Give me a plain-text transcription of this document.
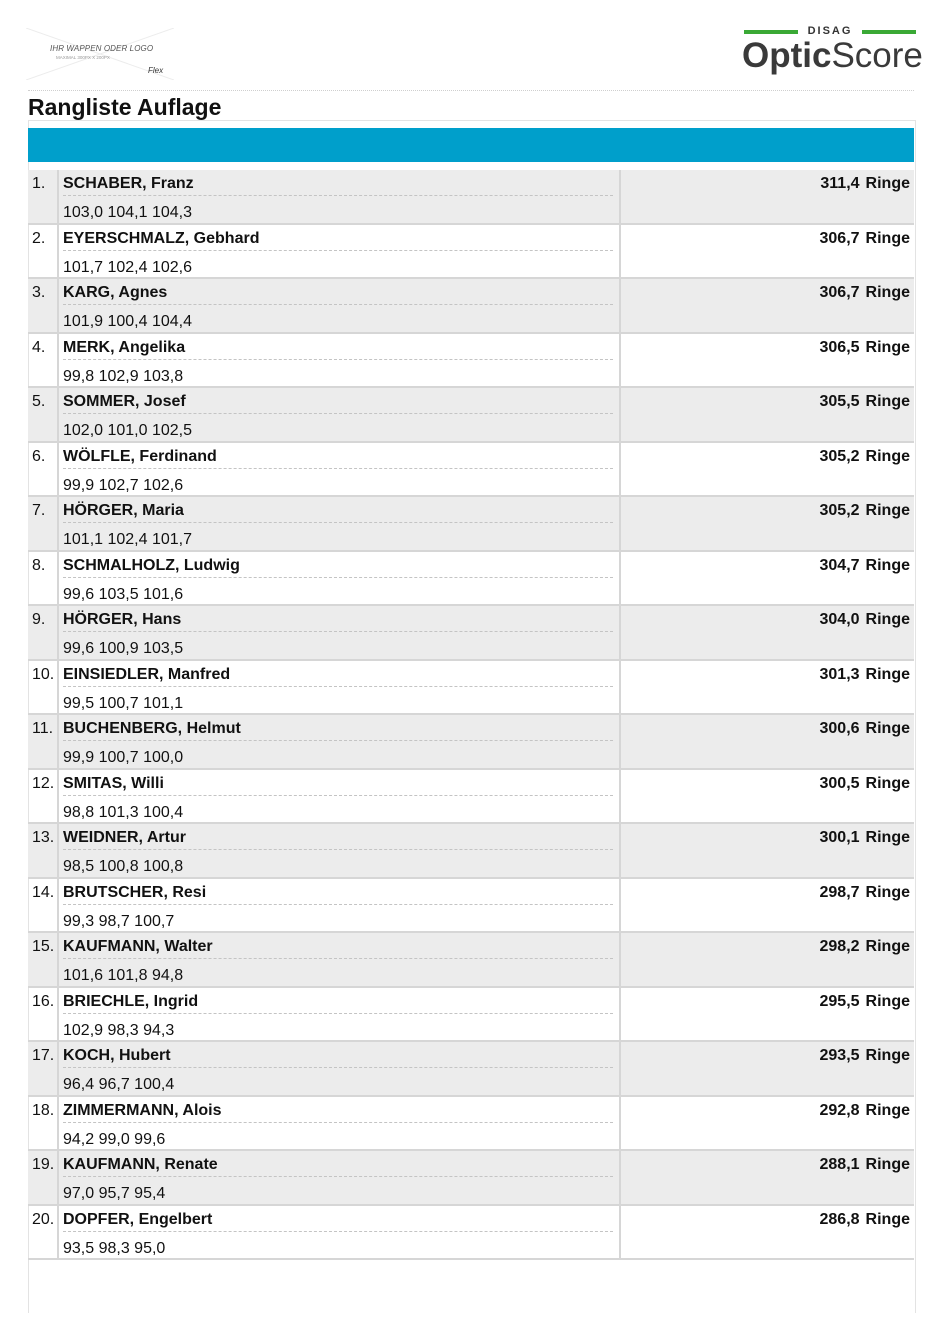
IHR WAPPEN ODER LOGO
MAXIMAL 300PX X 200PX
Flex
DISAG
OpticScore
Rangliste Auflage
1.	SCHABER, Franz
103,0 104,1 104,3
311,4 Ringe
2.	EYERSCHMALZ, Gebhard
101,7 102,4 102,6
306,7 Ringe
3.	KARG, Agnes
101,9 100,4 104,4
306,7 Ringe
4.	MERK, Angelika
99,8 102,9 103,8
306,5 Ringe
5.	SOMMER, Josef
102,0 101,0 102,5
305,5 Ringe
6.	WÖLFLE, Ferdinand
99,9 102,7 102,6
305,2 Ringe
7.	HÖRGER, Maria
101,1 102,4 101,7
305,2 Ringe
8.	SCHMALHOLZ, Ludwig
99,6 103,5 101,6
304,7 Ringe
9.	HÖRGER, Hans
99,6 100,9 103,5
304,0 Ringe
10. EINSIEDLER, Manfred
99,5 100,7 101,1
301,3 Ringe
11. BUCHENBERG, Helmut
99,9 100,7 100,0
300,6 Ringe
12. SMITAS, Willi
98,8 101,3 100,4
300,5 Ringe
13. WEIDNER, Artur
98,5 100,8 100,8
300,1 Ringe
14. BRUTSCHER, Resi
99,3 98,7 100,7
298,7 Ringe
15. KAUFMANN, Walter
101,6 101,8 94,8
298,2 Ringe
16. BRIECHLE, Ingrid
102,9 98,3 94,3
295,5 Ringe
17. KOCH, Hubert
96,4 96,7 100,4
293,5 Ringe
18. ZIMMERMANN, Alois
94,2 99,0 99,6
292,8 Ringe
19. KAUFMANN, Renate
97,0 95,7 95,4
288,1 Ringe
20. DOPFER, Engelbert
93,5 98,3 95,0
286,8 Ringe
